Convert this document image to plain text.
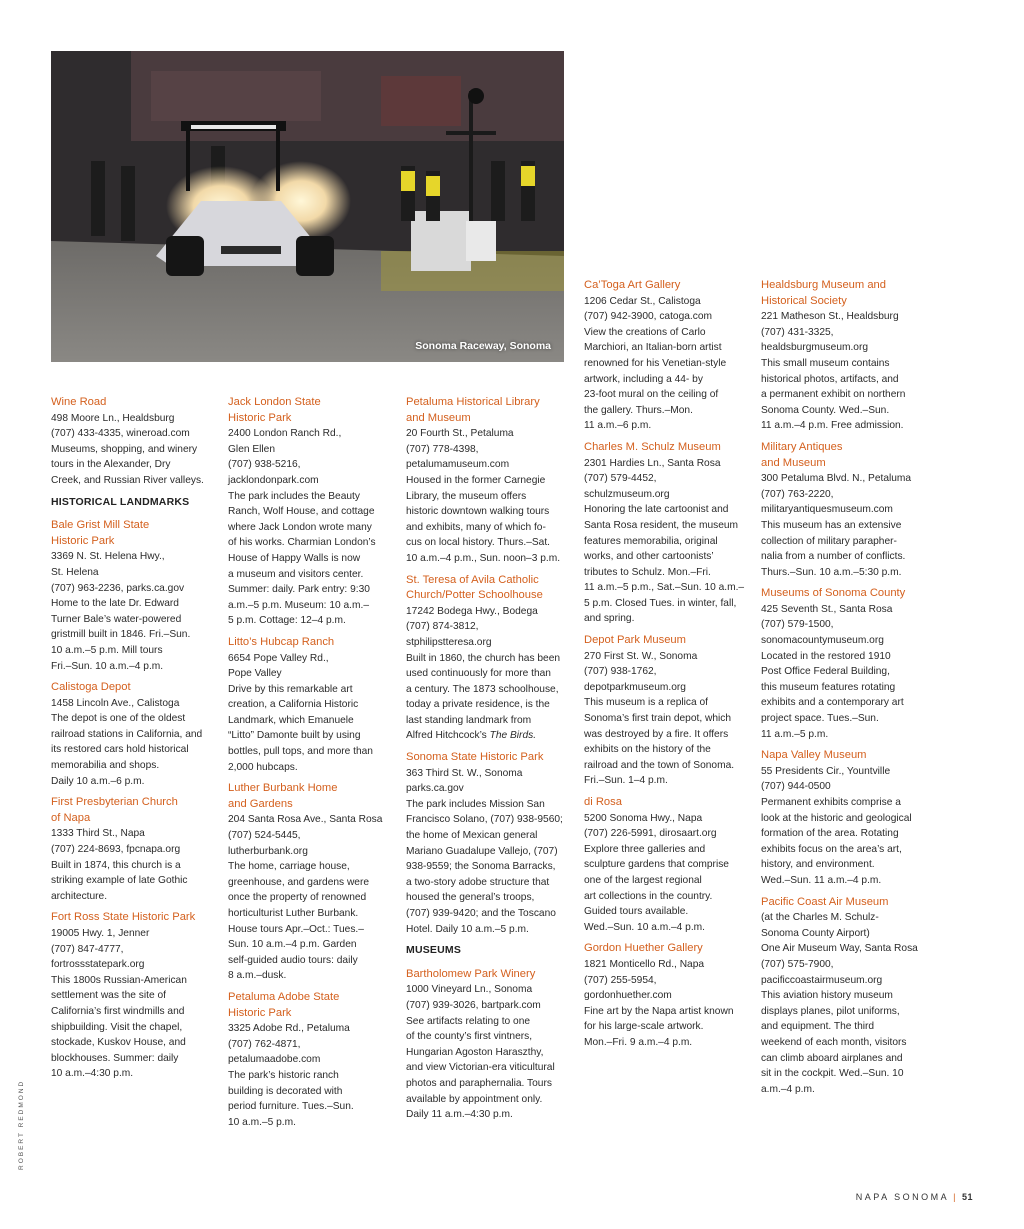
Sonoma Raceway, Sonoma
Wine Road
498 Moore Ln., Healdsburg
(707) 433-4335, wineroad.com
Museums, shopping, and winery
tours in the Alexander, Dry
Creek, and Russian River valleys.
HISTORICAL LANDMARKS
Bale Grist Mill State
Historic Park
3369 N. St. Helena Hwy.,
St. Helena
(707) 963-2236, parks.ca.gov
Home to the late Dr. Edward
Turner Bale’s water-powered
gristmill built in 1846. Fri.–Sun.
10 a.m.–5 p.m. Mill tours
Fri.–Sun. 10 a.m.–4 p.m.
Calistoga Depot
1458 Lincoln Ave., Calistoga
The depot is one of the oldest
railroad stations in California, and
its restored cars hold historical
memorabilia and shops.
Daily 10 a.m.–6 p.m.
First Presbyterian Church
of Napa
1333 Third St., Napa
(707) 224-8693, fpcnapa.org
Built in 1874, this church is a
striking example of late Gothic
architecture.
Fort Ross State Historic Park
19005 Hwy. 1, Jenner
(707) 847-4777,
fortrossstatepark.org
This 1800s Russian-American
settlement was the site of
California’s first windmills and
shipbuilding. Visit the chapel,
stockade, Kuskov House, and
blockhouses. Summer: daily
10 a.m.–4:30 p.m.
Jack London State
Historic Park
2400 London Ranch Rd.,
Glen Ellen
(707) 938-5216,
jacklondonpark.com
The park includes the Beauty
Ranch, Wolf House, and cottage
where Jack London wrote many
of his works. Charmian London’s
House of Happy Walls is now
a museum and visitors center.
Summer: daily. Park entry: 9:30
a.m.–5 p.m. Museum: 10 a.m.–
5 p.m. Cottage: 12–4 p.m.
Litto’s Hubcap Ranch
6654 Pope Valley Rd.,
Pope Valley
Drive by this remarkable art
creation, a California Historic
Landmark, which Emanuele
“Litto” Damonte built by using
bottles, pull tops, and more than
2,000 hubcaps.
Luther Burbank Home
and Gardens
204 Santa Rosa Ave., Santa Rosa
(707) 524-5445,
lutherburbank.org
The home, carriage house,
greenhouse, and gardens were
once the property of renowned
horticulturist Luther Burbank.
House tours Apr.–Oct.: Tues.–
Sun. 10 a.m.–4 p.m. Garden
self-guided audio tours: daily
8 a.m.–dusk.
Petaluma Adobe State
Historic Park
3325 Adobe Rd., Petaluma
(707) 762-4871,
petalumaadobe.com
The park’s historic ranch
building is decorated with
period furniture. Tues.–Sun.
10 a.m.–5 p.m.
Petaluma Historical Library
and Museum
20 Fourth St., Petaluma
(707) 778-4398,
petalumamuseum.com
Housed in the former Carnegie
Library, the museum offers
historic downtown walking tours
and exhibits, many of which fo-
cus on local history. Thurs.–Sat.
10 a.m.–4 p.m., Sun. noon–3 p.m.
St. Teresa of Avila Catholic
Church/Potter Schoolhouse
17242 Bodega Hwy., Bodega
(707) 874-3812,
stphilipstteresa.org
Built in 1860, the church has been
used continuously for more than
a century. The 1873 schoolhouse,
today a private residence, is the
last standing landmark from
Alfred Hitchcock’s The Birds.
Sonoma State Historic Park
363 Third St. W., Sonoma
parks.ca.gov
The park includes Mission San
Francisco Solano, (707) 938-9560;
the home of Mexican general
Mariano Guadalupe Vallejo, (707)
938-9559; the Sonoma Barracks,
a two-story adobe structure that
housed the general’s troops,
(707) 939-9420; and the Toscano
Hotel. Daily 10 a.m.–5 p.m.
MUSEUMS
Bartholomew Park Winery
1000 Vineyard Ln., Sonoma
(707) 939-3026, bartpark.com
See artifacts relating to one
of the county’s first vintners,
Hungarian Agoston Haraszthy,
and view Victorian-era viticultural
photos and paraphernalia. Tours
available by appointment only.
Daily 11 a.m.–4:30 p.m.
Ca’Toga Art Gallery
1206 Cedar St., Calistoga
(707) 942-3900, catoga.com
View the creations of Carlo
Marchiori, an Italian-born artist
renowned for his Venetian-style
artwork, including a 44- by
23-foot mural on the ceiling of
the gallery. Thurs.–Mon.
11 a.m.–6 p.m.
Charles M. Schulz Museum
2301 Hardies Ln., Santa Rosa
(707) 579-4452,
schulzmuseum.org
Honoring the late cartoonist and
Santa Rosa resident, the museum
features memorabilia, original
works, and other cartoonists’
tributes to Schulz. Mon.–Fri.
11 a.m.–5 p.m., Sat.–Sun. 10 a.m.–
5 p.m. Closed Tues. in winter, fall,
and spring.
Depot Park Museum
270 First St. W., Sonoma
(707) 938-1762,
depotparkmuseum.org
This museum is a replica of
Sonoma’s first train depot, which
was destroyed by a fire. It offers
exhibits on the history of the
railroad and the town of Sonoma.
Fri.–Sun. 1–4 p.m.
di Rosa
5200 Sonoma Hwy., Napa
(707) 226-5991, dirosaart.org
Explore three galleries and
sculpture gardens that comprise
one of the largest regional
art collections in the country.
Guided tours available.
Wed.–Sun. 10 a.m.–4 p.m.
Gordon Huether Gallery
1821 Monticello Rd., Napa
(707) 255-5954,
gordonhuether.com
Fine art by the Napa artist known
for his large-scale artwork.
Mon.–Fri. 9 a.m.–4 p.m.
Healdsburg Museum and
Historical Society
221 Matheson St., Healdsburg
(707) 431-3325,
healdsburgmuseum.org
This small museum contains
historical photos, artifacts, and
a permanent exhibit on northern
Sonoma County. Wed.–Sun.
11 a.m.–4 p.m. Free admission.
Military Antiques
and Museum
300 Petaluma Blvd. N., Petaluma
(707) 763-2220,
militaryantiquesmuseum.com
This museum has an extensive
collection of military parapher-
nalia from a number of conflicts.
Thurs.–Sun. 10 a.m.–5:30 p.m.
Museums of Sonoma County
425 Seventh St., Santa Rosa
(707) 579-1500,
sonomacountymuseum.org
Located in the restored 1910
Post Office Federal Building,
this museum features rotating
exhibits and a contemporary art
project space. Tues.–Sun.
11 a.m.–5 p.m.
Napa Valley Museum
55 Presidents Cir., Yountville
(707) 944-0500
Permanent exhibits comprise a
look at the historic and geological
formation of the area. Rotating
exhibits focus on the area’s art,
history, and environment.
Wed.–Sun. 11 a.m.–4 p.m.
Pacific Coast Air Museum
(at the Charles M. Schulz-
Sonoma County Airport)
One Air Museum Way, Santa Rosa
(707) 575-7900,
pacificcoastairmuseum.org
This aviation history museum
displays planes, pilot uniforms,
and equipment. The third
weekend of each month, visitors
can climb aboard airplanes and
sit in the cockpit. Wed.–Sun. 10
a.m.–4 p.m.
ROBERT REDMOND
NAPA SONOMA | 51
